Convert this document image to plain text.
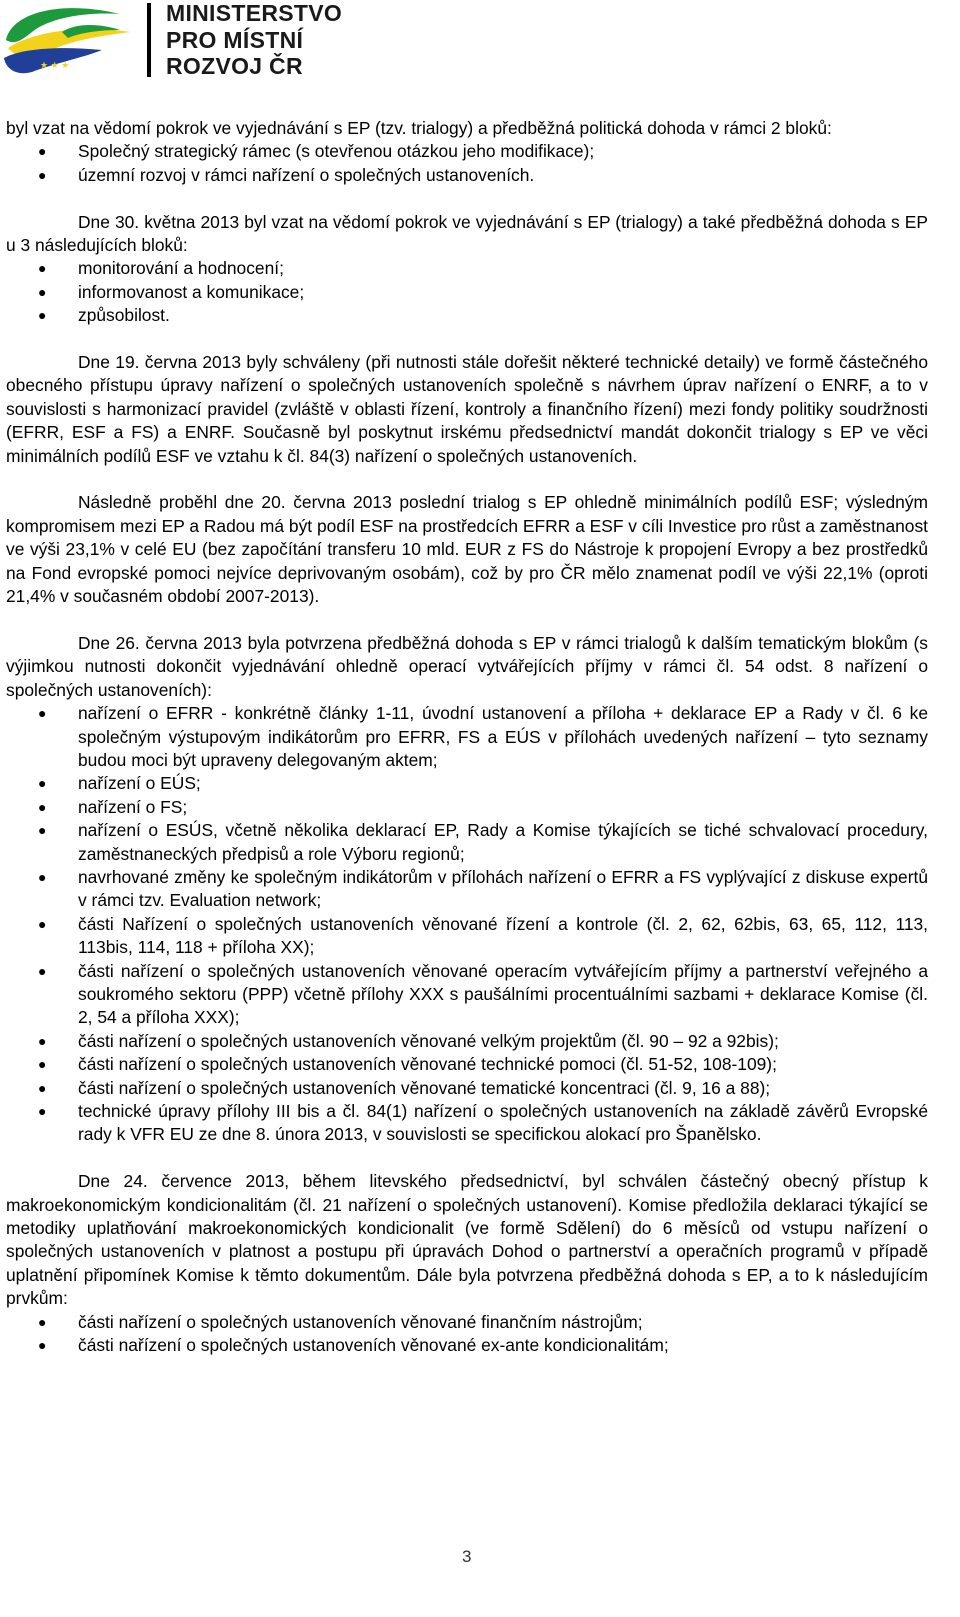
★ ★ ★
MINISTERSTVO
PRO MÍSTNÍ
ROZVOJ ČR

byl vzat na vědomí pokrok ve vyjednávání s EP (tzv. trialogy) a předběžná politická dohoda v rámci 2 bloků:

● Společný strategický rámec (s otevřenou otázkou jeho modifikace);
● územní rozvoj v rámci nařízení o společných ustanoveních.

Dne 30. května 2013 byl vzat na vědomí pokrok ve vyjednávání s EP (trialogy) a také předběžná dohoda s EP u 3 následujících bloků:

● monitorování a hodnocení;
● informovanost a komunikace;
● způsobilost.

Dne 19. června 2013 byly schváleny (při nutnosti stále dořešit některé technické detaily) ve formě částečného obecného přístupu úpravy nařízení o společných ustanoveních společně s návrhem úprav nařízení o ENRF, a to v souvislosti s harmonizací pravidel (zvláště v oblasti řízení, kontroly a finančního řízení) mezi fondy politiky soudržnosti (EFRR, ESF a FS) a ENRF. Současně byl poskytnut irskému předsednictví mandát dokončit trialogy s EP ve věci minimálních podílů ESF ve vztahu k čl. 84(3) nařízení o společných ustanoveních.

Následně proběhl dne 20. června 2013 poslední trialog s EP ohledně minimálních podílů ESF; výsledným kompromisem mezi EP a Radou má být podíl ESF na prostředcích EFRR a ESF v cíli Investice pro růst a zaměstnanost ve výši 23,1% v celé EU (bez započítání transferu 10 mld. EUR z FS do Nástroje k propojení Evropy a bez prostředků na Fond evropské pomoci nejvíce deprivovaným osobám), což by pro ČR mělo znamenat podíl ve výši 22,1% (oproti 21,4% v současném období 2007-2013).

Dne 26. června 2013 byla potvrzena předběžná dohoda s EP v rámci trialogů k dalším tematickým blokům (s výjimkou nutnosti dokončit vyjednávání ohledně operací vytvářejících příjmy v rámci čl. 54 odst. 8 nařízení o společných ustanoveních):

● nařízení o EFRR - konkrétně články 1-11, úvodní ustanovení a příloha + deklarace EP a Rady v čl. 6 ke společným výstupovým indikátorům pro EFRR, FS a EÚS v přílohách uvedených nařízení – tyto seznamy budou moci být upraveny delegovaným aktem;
● nařízení o EÚS;
● nařízení o FS;
● nařízení o ESÚS, včetně několika deklarací EP, Rady a Komise týkajících se tiché schvalovací procedury, zaměstnaneckých předpisů a role Výboru regionů;
● navrhované změny ke společným indikátorům v přílohách nařízení o EFRR a FS vyplývající z diskuse expertů v rámci tzv. Evaluation network;
● části Nařízení o společných ustanoveních věnované řízení a kontrole (čl. 2, 62, 62bis, 63, 65, 112, 113, 113bis, 114, 118 + příloha XX);
● části nařízení o společných ustanoveních věnované operacím vytvářejícím příjmy a partnerství veřejného a soukromého sektoru (PPP) včetně přílohy XXX s paušálními procentuálními sazbami + deklarace Komise (čl. 2, 54 a příloha XXX);
● části nařízení o společných ustanoveních věnované velkým projektům (čl. 90 – 92 a 92bis);
● části nařízení o společných ustanoveních věnované technické pomoci (čl. 51-52, 108-109);
● části nařízení o společných ustanoveních věnované tematické koncentraci (čl. 9, 16 a 88);
● technické úpravy přílohy III bis a čl. 84(1) nařízení o společných ustanoveních na základě závěrů Evropské rady k VFR EU ze dne 8. února 2013, v souvislosti se specifickou alokací pro Španělsko.

Dne 24. července 2013, během litevského předsednictví, byl schválen částečný obecný přístup k makroekonomickým kondicionalitám (čl. 21 nařízení o společných ustanovení). Komise předložila deklaraci týkající se metodiky uplatňování makroekonomických kondicionalit (ve formě Sdělení) do 6 měsíců od vstupu nařízení o společných ustanoveních v platnost a postupu při úpravách Dohod o partnerství a operačních programů v případě uplatnění připomínek Komise k těmto dokumentům. Dále byla potvrzena předběžná dohoda s EP, a to k následujícím prvkům:

● části nařízení o společných ustanoveních věnované finančním nástrojům;
● části nařízení o společných ustanoveních věnované ex-ante kondicionalitám;
3
